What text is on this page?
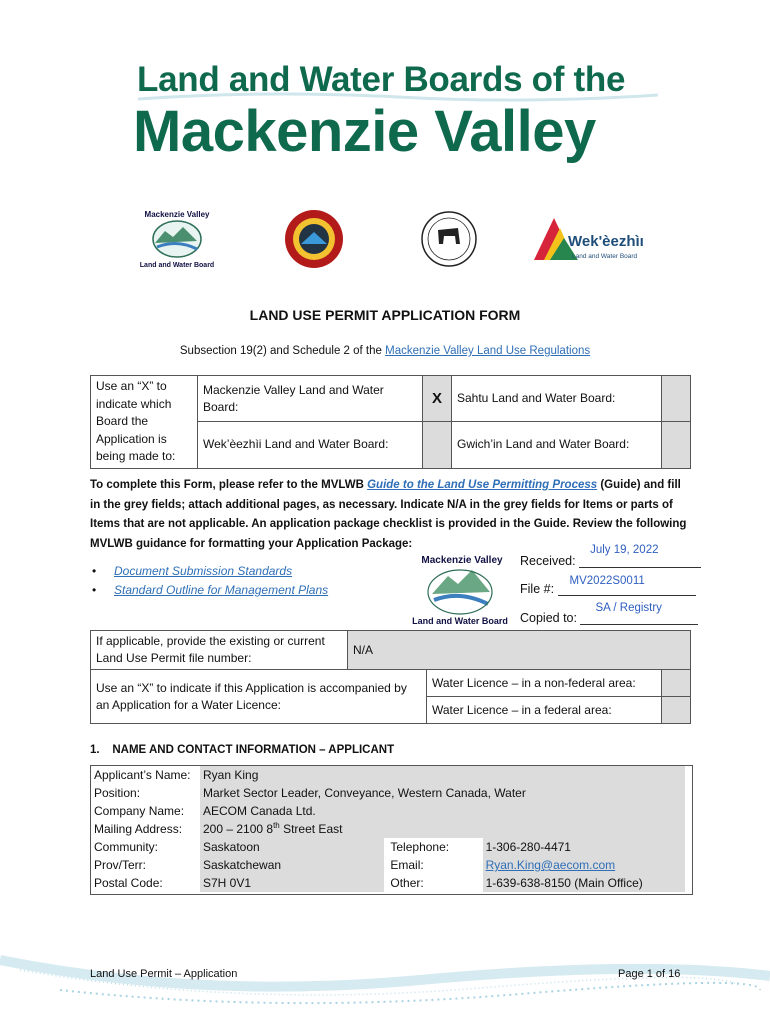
Land and Water Boards of the
Mackenzie Valley
Mackenzie Valley
Land and Water Board
Wek'èezhìı
Land and Water Board
LAND USE PERMIT APPLICATION FORM
Subsection 19(2) and Schedule 2 of the Mackenzie Valley Land Use Regulations
Use an “X” to indicate which Board the Application is being made to:	Mackenzie Valley Land and Water Board:	X	Sahtu Land and Water Board:	
	Wek’èezhìi Land and Water Board:		Gwich’in Land and Water Board:	
To complete this Form, please refer to the MVLWB Guide to the Land Use Permitting Process (Guide) and fill in the grey fields; attach additional pages, as necessary. Indicate N/A in the grey fields for Items or parts of Items that are not applicable. An application package checklist is provided in the Guide. Review the following MVLWB guidance for formatting your Application Package:
• Document Submission Standards
• Standard Outline for Management Plans
Mackenzie Valley
Land and Water Board
Received:
July 19, 2022
File #:
MV2022S0011
Copied to:
SA / Registry
If applicable, provide the existing or current Land Use Permit file number:	N/A		
Use an “X” to indicate if this Application is accompanied by an Application for a Water Licence:		Water Licence – in a non-federal area:	
		Water Licence – in a federal area:	
1.    NAME AND CONTACT INFORMATION – APPLICANT
Applicant’s Name:	Ryan King		
Position:	Market Sector Leader, Conveyance, Western Canada, Water		
Company Name:	AECOM Canada Ltd.		
Mailing Address:	200 – 2100 8th Street East		
Community:	Saskatoon	Telephone:	1-306-280-4471
Prov/Terr:	Saskatchewan	Email:	Ryan.King@aecom.com
Postal Code:	S7H 0V1	Other:	1-639-638-8150 (Main Office)
Land Use Permit – Application	Page 1 of 16
